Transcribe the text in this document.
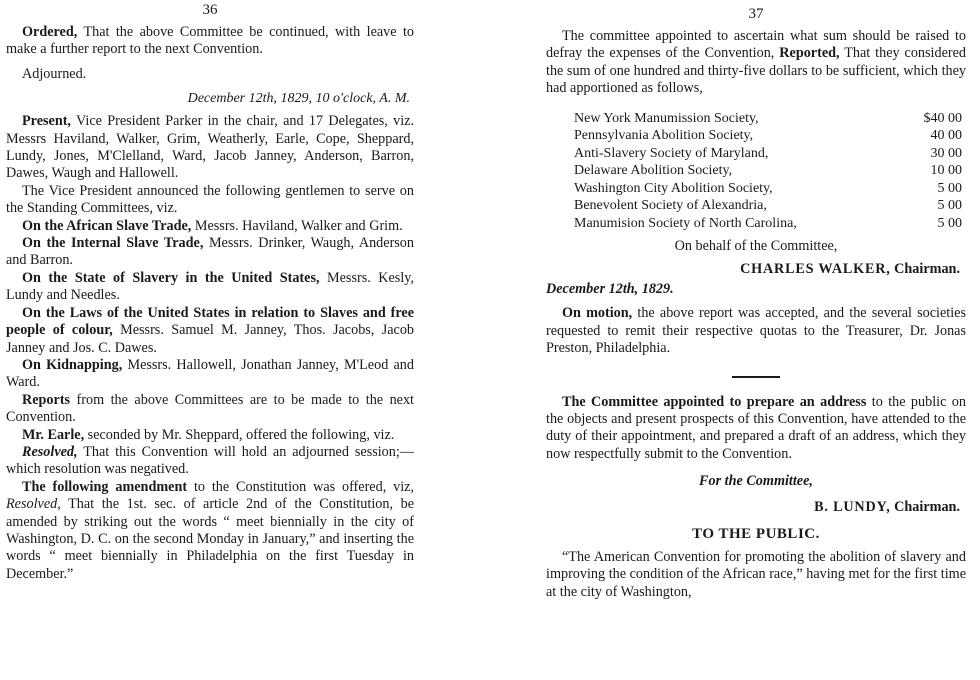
36

Ordered, That the above Committee be continued, with leave to make a further report to the next Convention.

Adjourned.

December 12th, 1829, 10 o'clock, A. M.

Present, Vice President Parker in the chair, and 17 Delegates, viz. Messrs Haviland, Walker, Grim, Weatherly, Earle, Cope, Sheppard, Lundy, Jones, M'Clelland, Ward, Jacob Janney, Anderson, Barron, Dawes, Waugh and Hallowell.

The Vice President announced the following gentlemen to serve on the Standing Committees, viz.

On the African Slave Trade, Messrs. Haviland, Walker and Grim.

On the Internal Slave Trade, Messrs. Drinker, Waugh, Anderson and Barron.

On the State of Slavery in the United States, Messrs. Kesly, Lundy and Needles.

On the Laws of the United States in relation to Slaves and free people of colour, Messrs. Samuel M. Janney, Thos. Jacobs, Jacob Janney and Jos. C. Dawes.

On Kidnapping, Messrs. Hallowell, Jonathan Janney, M'Leod and Ward.

Reports from the above Committees are to be made to the next Convention.

Mr. Earle, seconded by Mr. Sheppard, offered the following, viz.

Resolved, That this Convention will hold an adjourned session;—which resolution was negatived.

The following amendment to the Constitution was offered, viz, Resolved, That the 1st. sec. of article 2nd of the Constitution, be amended by striking out the words “ meet biennially in the city of Washington, D. C. on the second Monday in January,” and inserting the words “ meet biennially in Philadelphia on the first Tuesday in December.”

37

The committee appointed to ascertain what sum should be raised to defray the expenses of the Convention, Reported, That they considered the sum of one hundred and thirty-five dollars to be sufficient, which they had apportioned as follows,

New York Manumission Society,	$40 00
Pennsylvania Abolition Society,	40 00
Anti-Slavery Society of Maryland,	30 00
Delaware Abolition Society,	10 00
Washington City Abolition Society,	5 00
Benevolent Society of Alexandria,	5 00
Manumision Society of North Carolina,	5 00

On behalf of the Committee,

CHARLES WALKER, Chairman.

December 12th, 1829.

On motion, the above report was accepted, and the several societies requested to remit their respective quotas to the Treasurer, Dr. Jonas Preston, Philadelphia.

The Committee appointed to prepare an address to the public on the objects and present prospects of this Convention, have attended to the duty of their appointment, and prepared a draft of an address, which they now respectfully submit to the Convention.

For the Committee,

B. LUNDY, Chairman.

TO THE PUBLIC.

“The American Convention for promoting the abolition of slavery and improving the condition of the African race,” having met for the first time at the city of Washington,
